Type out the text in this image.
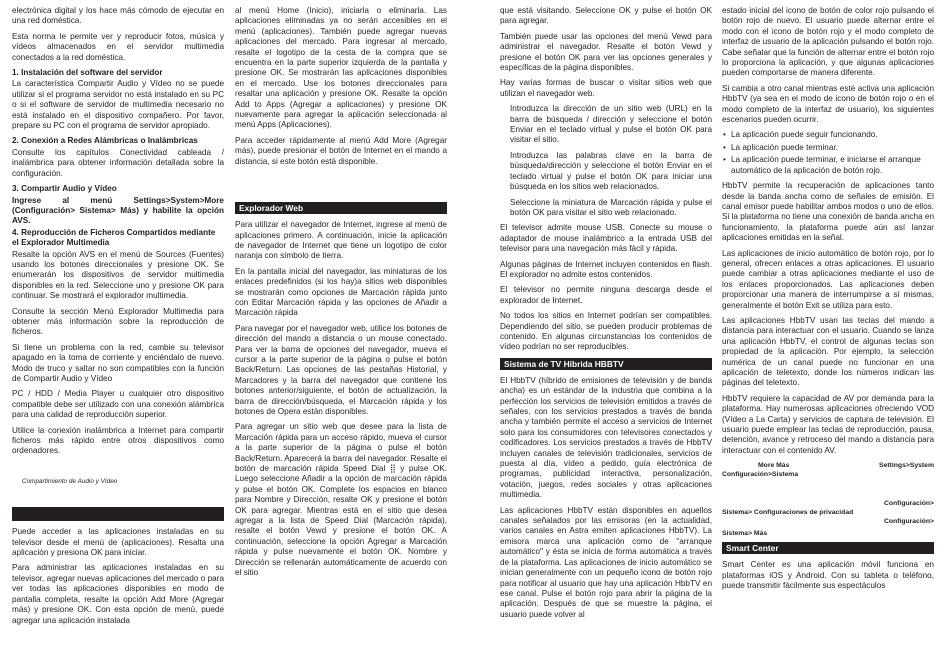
electrónica digital y los hace más cómodo de ejecutar en una red doméstica.
Esta norma le permite ver y reproducir fotos, música y vídeos almacenados en el servidor multimedia conectados a la red doméstica.
1. Instalación del software del servidor
La característica Compartir Audio y Vídeo no se puede utilizar si el programa servidor no está instalado en su PC o si el software de servidor de multimedia necesario no está instalado en el dispositivo compañero. Por favor, prepare su PC con el programa de servidor apropiado.
2. Conexión a Redes Alámbricas o Inalámbricas
Consulte los capítulos Conectividad cableada / inalámbrica para obtener información detallada sobre la configuración.
3. Compartir Audio y Vídeo
Ingrese al menú Settings>System>More (Configuración> Sistema> Más) y habilite la opción AVS.
4. Reproducción de Ficheros Compartidos mediante el Explorador Multimedia
Resalte la opción AVS en el menú de Sources (Fuentes) usando los botones direccionales y presione OK. Se enumerarán los dispositivos de servidor multimedia disponibles en la red. Seleccione uno y presione OK para continuar. Se mostrará el explorador multimedia.
Consulte la sección Menú Explorador Multimedia para obtener más información sobre la reproducción de ficheros.
Si tiene un problema con la red, cambie su televisor apagado en la toma de corriente y enciéndalo de nuevo. Modo de truco y saltar no son compatibles con la función de Compartir Audio y Vídeo
PC / HDD / Media Player u cualquier otro dispositivo compatible debe ser utilizado con una conexión alámbrica para una calidad de reproducción superior.
Utilice la conexión inalámbrica a Internet para compartir ficheros más rápido entre otros dispositivos como ordenadores.
Compartimiento de Audio y Vídeo
Puede acceder a las aplicaciones instaladas en su televisor desde el menú de (aplicaciones). Resalta una aplicación y presiona OK para iniciar.
Para administrar las aplicaciones instaladas en su televisor, agregar nuevas aplicaciones del mercado o para ver todas las aplicaciones disponibles en modo de pantalla completa, resalte la opción Add More (Agregar más) y presione OK. Con esta opción de menú, puede agregar una aplicación instalada
al menú Home (Inicio), iniciarla o eliminarla. Las aplicaciones eliminadas ya no serán accesibles en el menú (aplicaciones). También puede agregar nuevas aplicaciones del mercado. Para ingresar al mercado, resalte el logotipo de la cesta de la compra que se encuentra en la parte superior izquierda de la pantalla y presione OK. Se mostrarán las aplicaciones disponibles en el mercado. Use los botones direccionales para resaltar una aplicación y presione OK. Resalte la opción Add to Apps (Agregar a aplicaciones) y presione OK nuevamente para agregar la aplicación seleccionada al menú Apps (Aplicaciones).
Para acceder rápidamente al menú Add More (Agregar más), puede presionar el botón de Internet en el mando a distancia, si este botón está disponible.
Explorador Web
Para utilizar el navegador de Internet, ingrese al menú de aplicaciones primero. A continuación, inicie la aplicación de navegador de Internet que tiene un logotipo de color naranja con símbolo de tierra.
En la pantalla inicial del navegador, las miniaturas de los enlaces predefinidos (si los hay)a sitios web disponibles se mostrarán como opciones de Marcación rápida junto con Editar Marcación rápida y las opciones de Añadir a Marcación rápida
Para navegar por el navegador web, utilice los botones de dirección del mando a distancia o un mouse conectado. Para ver la barra de opciones del navegador, mueva el cursor a la parte superior de la página o pulse el botón Back/Return. Las opciones de las pestañas Historial, y Marcadores y la barra del navegador que contiene los botones anterior/siguiente, el botón de actualización, la barra de dirección/búsqueda, el Marcación rápida y los botones de Opera están disponibles.
Para agregar un sitio web que desee para la lista de Marcación rápida para un acceso rápido, mueva el cursor a la parte superior de la página o pulse el botón Back/Return. Aparecerá la barra del navegador. Resalte el botón de marcación rápida Speed Dial ⣿ y pulse OK. Luego seleccione Añadir a la opción de marcación rápida y pulse el botón OK. Complete los espacios en blanco para Nombre y Dirección, resalte OK y presione el botón OK para agregar. Mientras está en el sitio que desea agregar a la lista de Speed Dial (Marcación rápida), resalte el botón Vewd y presione el botón OK. A continuación, seleccione la opción Agregar a Marcación rápida y pulse nuevamente el botón OK. Nombre y Dirección se rellenarán automáticamente de acuerdo con el sitio
que está visitando. Seleccione OK y pulse el botón OK para agregar.
También puede usar las opciones del menú Vewd para administrar el navegador. Resalte el botón Vewd y presione el botón OK para ver las opciones generales y específicas de la página disponibles.
Hay varias formas de buscar o visitar sitios web que utilizan el navegador web.
Introduzca la dirección de un sitio web (URL) en la barra de búsqueda / dirección y seleccione el botón Enviar en el teclado virtual y pulse el botón OK para visitar el sitio.
Introduzca las palabras clave en la barra de búsqueda/dirección y seleccione el botón Enviar en el teclado virtual y pulse el botón OK para iniciar una búsqueda en los sitios web relacionados.
Seleccione la miniatura de Marcación rápida y pulse el botón OK para visitar el sitio web relacionado.
El televisor admite mouse USB. Conecte su mouse o adaptador de mouse inalámbrico a la entrada USB del televisor para una navegación más fácil y rápida.
Algunas páginas de Internet incluyen contenidos en flash. El explorador no admite estos contenidos.
El televisor no permite ninguna descarga desde el explorador de Internet.
No todos los sitios en Internet podrían ser compatibles. Dependiendo del sitio, se pueden producir problemas de contenido. En algunas circunstancias los contenidos de vídeo podrían no ser reproducibles.
Sistema de TV Híbrida HBBTV
El HbbTV (híbrido de emisiones de televisión y de banda ancha) es un estándar de la industria que combina a la perfección los servicios de televisión emitidos a través de señales, con los servicios prestados a través de banda ancha y también permite el acceso a servicios de Internet solo para los consumidores con televisores conectados y codificadores. Los servicios prestados a través de HbbTV incluyen canales de televisión tradicionales, servicios de puesta al día, vídeo a pedido, guía electrónica de programas, publicidad interactiva, personalización, votación, juegos, redes sociales y otras aplicaciones multimedia.
Las aplicaciones HbbTV están disponibles en aquellos canales señalados por las emisoras (en la actualidad, varios canales en Astra emiten aplicaciones HbbTV). La emisora marca una aplicación como de "arranque automático" y ésta se inicia de forma automática a través de la plataforma. Las aplicaciones de inicio automático se inician generalmente con un pequeño icono de botón rojo para notificar al usuario que hay una aplicación HbbTV en ese canal. Pulse el botón rojo para abrir la página de la aplicación. Después de que se muestre la página, el usuario puede volver al
estado inicial del icono de botón de color rojo pulsando el botón rojo de nuevo. El usuario puede alternar entre el modo con el icono de botón rojo y el modo completo de interfaz de usuario de la aplicación pulsando el botón rojo. Cabe señalar que la función de alternar entre el botón rojo lo proporciona la aplicación, y que algunas aplicaciones pueden comportarse de manera diferente.
Si cambia a otro canal mientras esté activa una aplicación HbbTV (ya sea en el modo de icono de botón rojo o en el modo completo de la interfaz de usuario), los siguientes escenarios pueden ocurrir.
• La aplicación puede seguir funcionando.
• La aplicación puede terminar.
• La aplicación puede terminar, e iniciarse el arranque automático de la aplicación de botón rojo.
HbbTV permite la recuperación de aplicaciones tanto desde la banda ancha como de señales de emisión. El canal emisor puede habilitar ambos modos o uno de ellos. Si la plataforma no tiene una conexión de banda ancha en funcionamiento, la plataforma puede aún así lanzar aplicaciones emitidas en la señal.
Las aplicaciones de inicio automático de botón rojo, por lo general, ofrecen enlaces a otras aplicaciones. El usuario puede cambiar a otras aplicaciones mediante el uso de los enlaces proporcionados. Las aplicaciones deben proporcionar una manera de interrumpirse a sí mismas, generalmente el botón Exit se utiliza para esto.
Las aplicaciones HbbTV usan las teclas del mando a distancia para interactuar con el usuario. Cuando se lanza una aplicación HbbTV, el control de algunas teclas son propiedad de la aplicación. Por ejemplo, la selección numérica de un canal puede no funcionar en una aplicación de teletexto, donde los números indican las páginas del teletexto.
HbbTV requiere la capacidad de AV por demanda para la plataforma. Hay numerosas aplicaciones ofreciendo VOD (Vídeo a La Carta) y servicios de captura de televisión. El usuario puede emplear las teclas de reproducción, pausa, detención, avance y retroceso del mando a distancia para interactuar con el contenido AV.
More Más	Settings>System
Configuración>Sistema
Configuración>
Sistema> Configuraciones de privacidad
Configuración>
Sistema> Más
Smart Center
Smart Center es una aplicación móvil funciona en plataformas iOS y Android. Con su tableta o teléfono, puede transmitir fácilmente sus espectáculos
